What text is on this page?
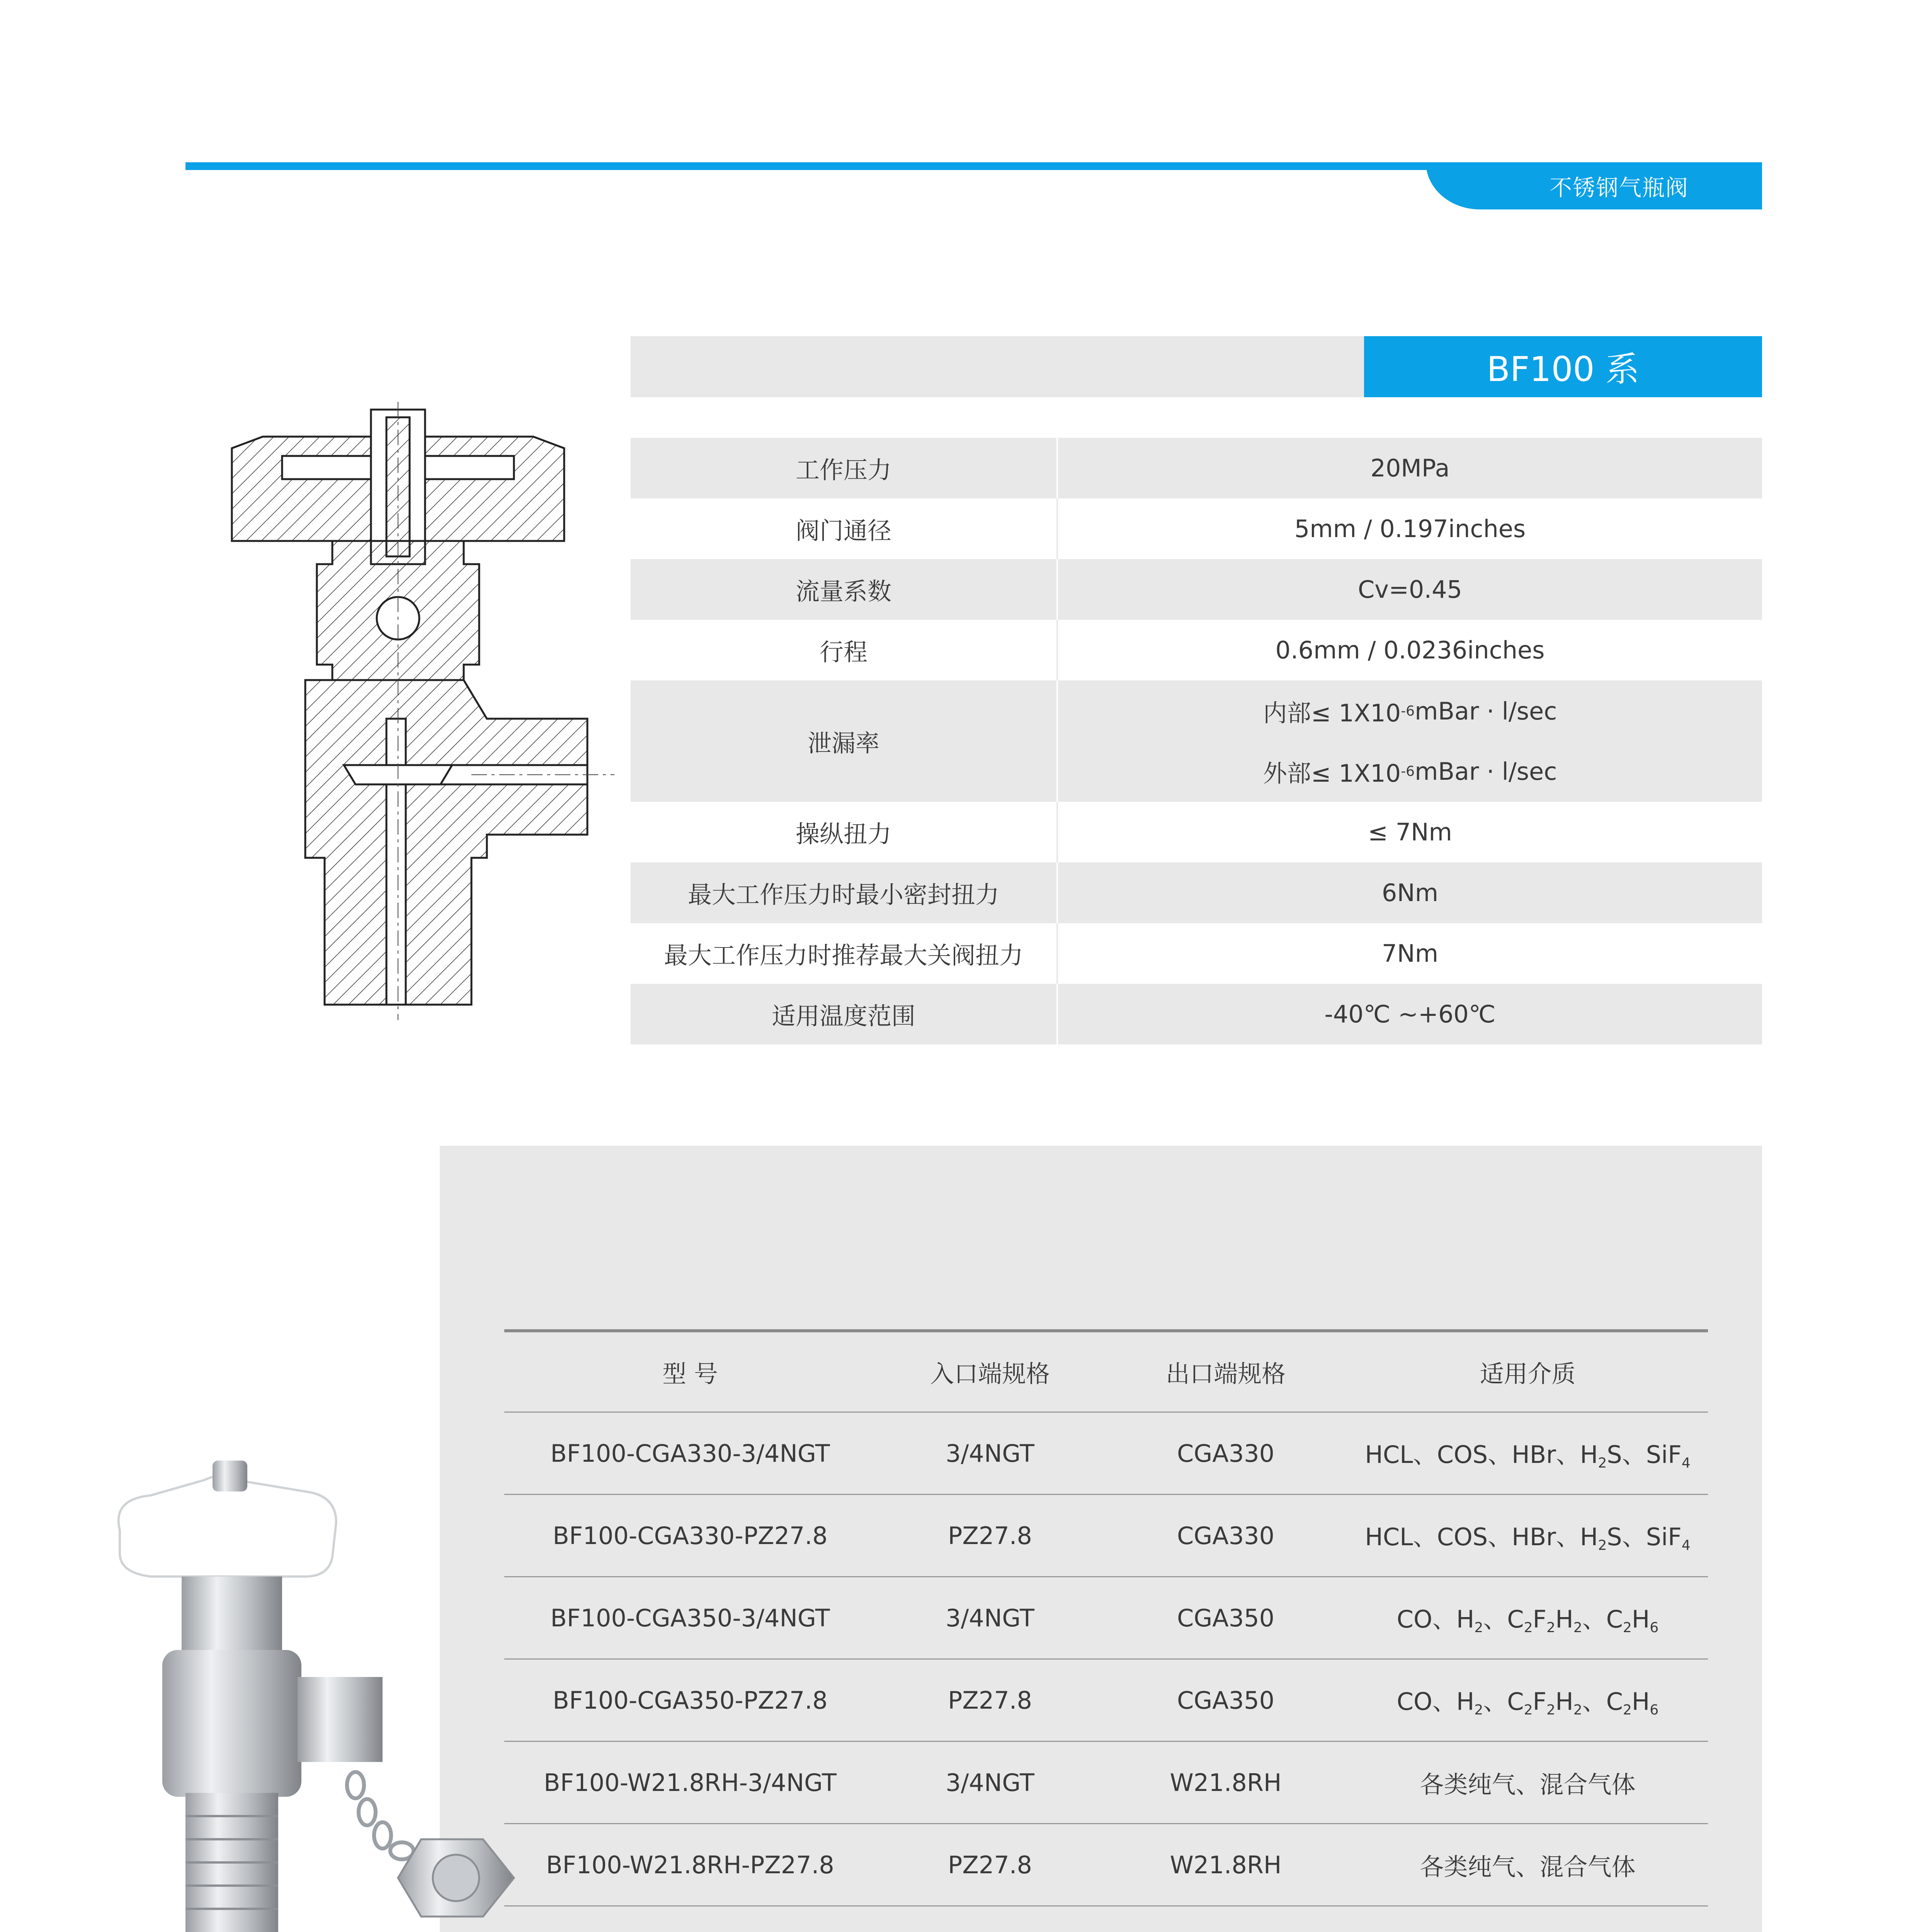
不锈钢气瓶阀
BF100 系
工作压力	20MPa
阀门通径	5mm / 0.197inches
流量系数	Cv=0.45
行程	0.6mm / 0.0236inches
泄漏率
内部≤ 1X10 -6 mBar · l/sec
外部≤ 1X10 -6 mBar · l/sec
操纵扭力	≤ 7Nm
最大工作压力时最小密封扭力	6Nm
最大工作压力时推荐最大关阀扭力	7Nm
适用温度范围	-40℃ ~+60℃
型 号	入口端规格	出口端规格	适用介质
BF100-CGA330-3/4NGT	3/4NGT	CGA330	HCL、COS、HBr、$H_2S$、SiF$_4$
BF100-CGA330-PZ27.8	PZ27.8	CGA330	HCL、COS、HBr、$H_2S$、SiF$_4$
BF100-CGA350-3/4NGT	3/4NGT	CGA350	CO、$H_2$、$C_2F_2H_2$、$C_2H_6$
BF100-CGA350-PZ27.8	PZ27.8	CGA350	CO、$H_2$、$C_2F_2H_2$、$C_2H_6$
BF100-W21.8RH-3/4NGT	3/4NGT	W21.8RH	各类纯气、混合气体
BF100-W21.8RH-PZ27.8	PZ27.8	W21.8RH	各类纯气、混合气体
